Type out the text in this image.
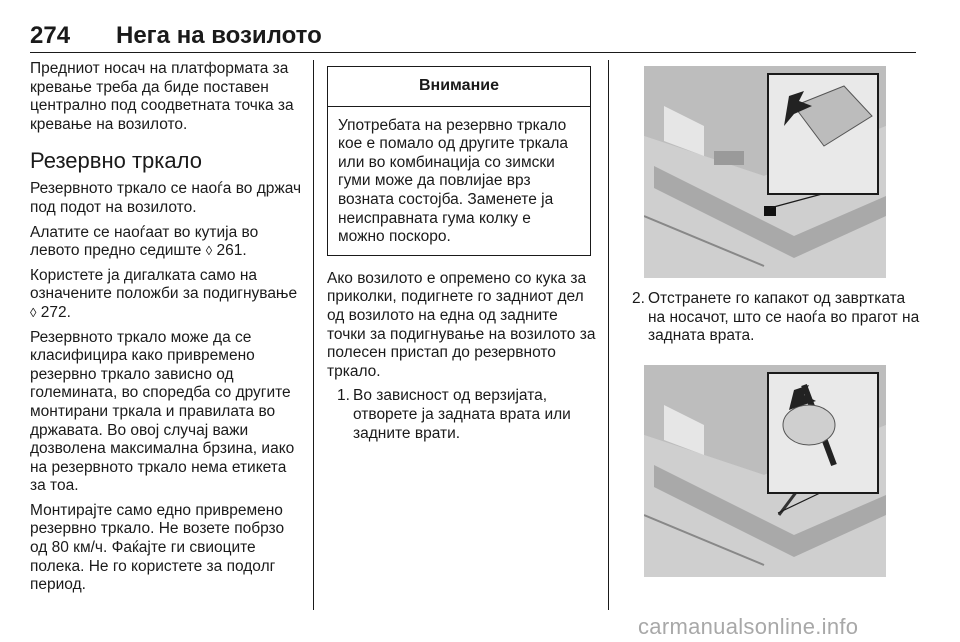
274 Нега на возилото

Предниот носач на платформата за кревање треба да биде поставен централно под соодветната точка за кревање на возилото.

Резервно тркало

Резервното тркало се наоѓа во држач под подот на возилото.

Алатите се наоѓаат во кутија во левото предно седиште ◊ 261.

Користете ја дигалката само на означените положби за подигнување ◊ 272.

Резервното тркало може да се класифицира како привремено резервно тркало зависно од големината, во споредба со другите монтирани тркала и правилата во државата. Во овој случај важи дозволена максимална брзина, иако на резервното тркало нема етикета за тоа.

Монтирајте само едно привремено резервно тркало. Не возете побрзо од 80 км/ч. Фаќајте ги свиоците полека. Не го користете за подолг период.

Внимание
Употребата на резервно тркало кое е помало од другите тркала или во комбинација со зимски гуми може да повлијае врз возната состојба. Заменете ја неисправната гума колку е можно поскоро.

Ако возилото е опремено со кука за приколки, подигнете го задниот дел од возилото на една од задните точки за подигнување на возилото за полесен пристап до резервното тркало.

1. Во зависност од верзијата, отворете ја задната врата или задните врати.
2. Отстранете го капакот од завртката на носачот, што се наоѓа во прагот на задната врата.
carmanualsonline.info
